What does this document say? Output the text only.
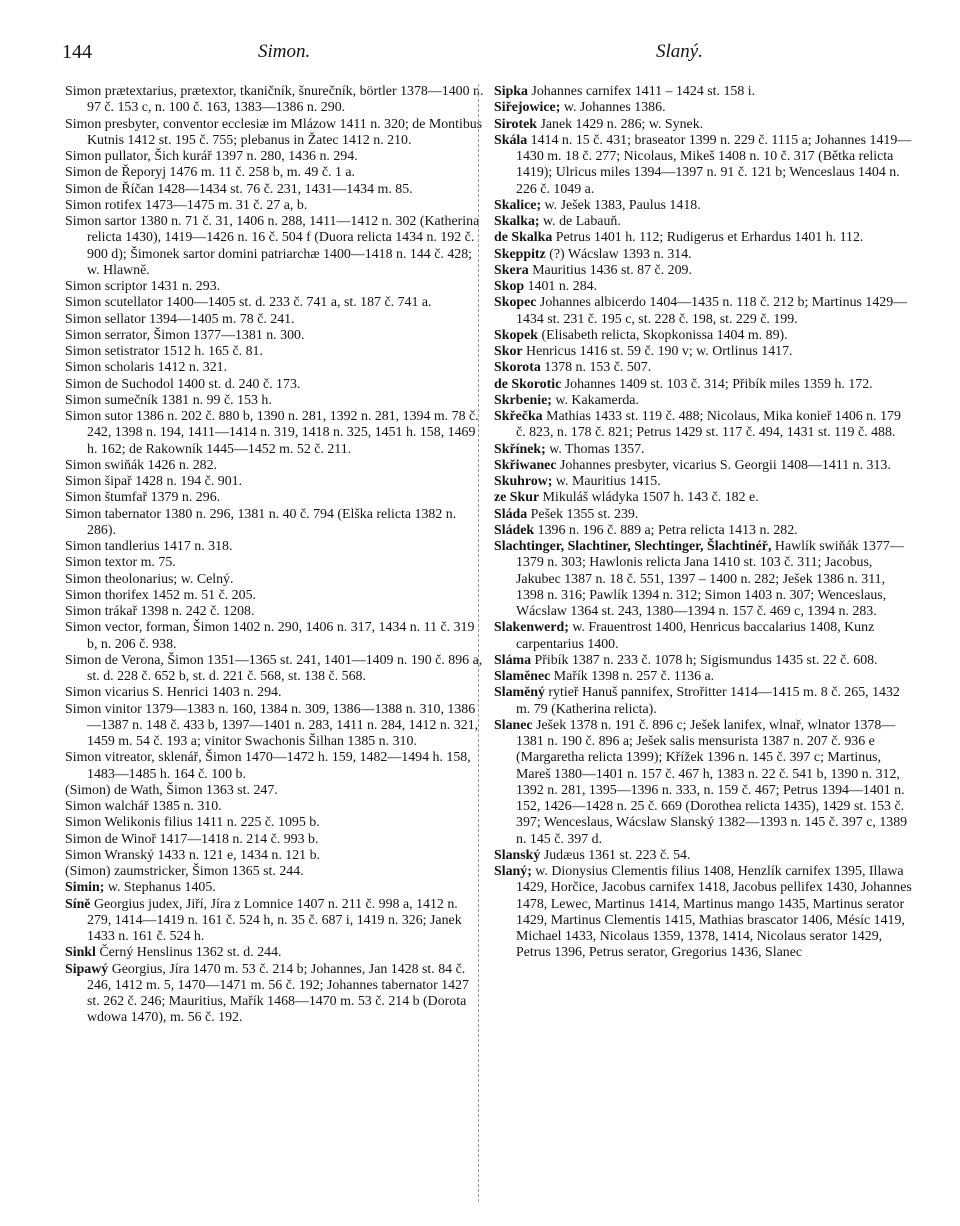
144	Simon.	Slaný.

Simon prætextarius, prætextor, tkaničník, šnurečník, börtler 1378—1400 n. 97 č. 153 c, n. 100 č. 163, 1383—1386 n. 290.

Simon presbyter, conventor ecclesiæ im Mlázow 1411 n. 320; de Montibus Kutnis 1412 st. 195 č. 755; plebanus in Žatec 1412 n. 210.

Simon pullator, Šich kurář 1397 n. 280, 1436 n. 294.

Simon de Řeporyj 1476 m. 11 č. 258 b, m. 49 č. 1 a.

Simon de Říčan 1428—1434 st. 76 č. 231, 1431—1434 m. 85.

Simon rotifex 1473—1475 m. 31 č. 27 a, b.

Simon sartor 1380 n. 71 č. 31, 1406 n. 288, 1411—1412 n. 302 (Katherina relicta 1430), 1419—1426 n. 16 č. 504 f (Duora relicta 1434 n. 192 č. 900 d); Šimonek sartor domini patriarchæ 1400—1418 n. 144 č. 428; w. Hlawně.

Simon scriptor 1431 n. 293.

Simon scutellator 1400—1405 st. d. 233 č. 741 a, st. 187 č. 741 a.

Simon sellator 1394—1405 m. 78 č. 241.

Simon serrator, Šimon 1377—1381 n. 300.

Simon setistrator 1512 h. 165 č. 81.

Simon scholaris 1412 n. 321.

Simon de Suchodol 1400 st. d. 240 č. 173.

Simon sumečník 1381 n. 99 č. 153 h.

Simon sutor 1386 n. 202 č. 880 b, 1390 n. 281, 1392 n. 281, 1394 m. 78 č. 242, 1398 n. 194, 1411—1414 n. 319, 1418 n. 325, 1451 h. 158, 1469 h. 162; de Rakowník 1445—1452 m. 52 č. 211.

Simon swiňák 1426 n. 282.

Simon šipař 1428 n. 194 č. 901.

Simon štumfař 1379 n. 296.

Simon tabernator 1380 n. 296, 1381 n. 40 č. 794 (Elška relicta 1382 n. 286).

Simon tandlerius 1417 n. 318.

Simon textor m. 75.

Simon theolonarius; w. Celný.

Simon thorifex 1452 m. 51 č. 205.

Simon trákař 1398 n. 242 č. 1208.

Simon vector, forman, Šimon 1402 n. 290, 1406 n. 317, 1434 n. 11 č. 319 b, n. 206 č. 938.

Simon de Verona, Šimon 1351—1365 st. 241, 1401—1409 n. 190 č. 896 a, st. d. 228 č. 652 b, st. d. 221 č. 568, st. 138 č. 568.

Simon vicarius S. Henrici 1403 n. 294.

Simon vinitor 1379—1383 n. 160, 1384 n. 309, 1386—1388 n. 310, 1386—1387 n. 148 č. 433 b, 1397—1401 n. 283, 1411 n. 284, 1412 n. 321, 1459 m. 54 č. 193 a; vinitor Swachonis Šilhan 1385 n. 310.

Simon vitreator, sklenář, Šimon 1470—1472 h. 159, 1482—1494 h. 158, 1483—1485 h. 164 č. 100 b.

(Simon) de Wath, Šimon 1363 st. 247.

Simon walchář 1385 n. 310.

Simon Welikonis filius 1411 n. 225 č. 1095 b.

Simon de Winoř 1417—1418 n. 214 č. 993 b.

Simon Wranský 1433 n. 121 e, 1434 n. 121 b.

(Simon) zaumstricker, Šimon 1365 st. 244.

Simin; w. Stephanus 1405.

Síně Georgius judex, Jiří, Jíra z Lomnice 1407 n. 211 č. 998 a, 1412 n. 279, 1414—1419 n. 161 č. 524 h, n. 35 č. 687 i, 1419 n. 326; Janek 1433 n. 161 č. 524 h.

Sinkl Černý Henslinus 1362 st. d. 244.

Sipawý Georgius, Jíra 1470 m. 53 č. 214 b; Johannes, Jan 1428 st. 84 č. 246, 1412 m. 5, 1470—1471 m. 56 č. 192; Johannes tabernator 1427 st. 262 č. 246; Mauritius, Mařík 1468—1470 m. 53 č. 214 b (Dorota wdowa 1470), m. 56 č. 192.

Sipka Johannes carnifex 1411 – 1424 st. 158 i.

Siřejowice; w. Johannes 1386.

Sirotek Janek 1429 n. 286; w. Synek.

Skála 1414 n. 15 č. 431; braseator 1399 n. 229 č. 1115 a; Johannes 1419—1430 m. 18 č. 277; Nicolaus, Mikeš 1408 n. 10 č. 317 (Bětka relicta 1419); Ulricus miles 1394—1397 n. 91 č. 121 b; Wenceslaus 1404 n. 226 č. 1049 a.

Skalice; w. Ješek 1383, Paulus 1418.

Skalka; w. de Labauň.

de Skalka Petrus 1401 h. 112; Rudigerus et Erhardus 1401 h. 112.

Skeppitz (?) Wácslaw 1393 n. 314.

Skera Mauritius 1436 st. 87 č. 209.

Skop 1401 n. 284.

Skopec Johannes albicerdo 1404—1435 n. 118 č. 212 b; Martinus 1429—1434 st. 231 č. 195 c, st. 228 č. 198, st. 229 č. 199.

Skopek (Elisabeth relicta, Skopkonissa 1404 m. 89).

Skor Henricus 1416 st. 59 č. 190 v; w. Ortlinus 1417.

Skorota 1378 n. 153 č. 507.

de Skorotic Johannes 1409 st. 103 č. 314; Přibík miles 1359 h. 172.

Skrbenie; w. Kakamerda.

Skřečka Mathias 1433 st. 119 č. 488; Nicolaus, Mika konieř 1406 n. 179 č. 823, n. 178 č. 821; Petrus 1429 st. 117 č. 494, 1431 st. 119 č. 488.

Skřínek; w. Thomas 1357.

Skřiwanec Johannes presbyter, vicarius S. Georgii 1408—1411 n. 313.

Skuhrow; w. Mauritius 1415.

ze Skur Mikuláš wládyka 1507 h. 143 č. 182 e.

Sláda Pešek 1355 st. 239.

Sládek 1396 n. 196 č. 889 a; Petra relicta 1413 n. 282.

Slachtinger, Slachtiner, Slechtinger, Šlachtinéř, Hawlík swiňák 1377—1379 n. 303; Hawlonis relicta Jana 1410 st. 103 č. 311; Jacobus, Jakubec 1387 n. 18 č. 551, 1397 – 1400 n. 282; Ješek 1386 n. 311, 1398 n. 316; Pawlík 1394 n. 312; Simon 1403 n. 307; Wenceslaus, Wácslaw 1364 st. 243, 1380—1394 n. 157 č. 469 c, 1394 n. 283.

Slakenwerd; w. Frauentrost 1400, Henricus baccalarius 1408, Kunz carpentarius 1400.

Sláma Přibík 1387 n. 233 č. 1078 h; Sigismundus 1435 st. 22 č. 608.

Slaměnec Mařík 1398 n. 257 č. 1136 a.

Slaměný rytieř Hanuš pannifex, Strořitter 1414—1415 m. 8 č. 265, 1432 m. 79 (Katherina relicta).

Slanec Ješek 1378 n. 191 č. 896 c; Ješek lanifex, wlnař, wlnator 1378—1381 n. 190 č. 896 a; Ješek salis mensurista 1387 n. 207 č. 936 e (Margaretha relicta 1399); Křížek 1396 n. 145 č. 397 c; Martinus, Mareš 1380—1401 n. 157 č. 467 h, 1383 n. 22 č. 541 b, 1390 n. 312, 1392 n. 281, 1395—1396 n. 333, n. 159 č. 467; Petrus 1394—1401 n. 152, 1426—1428 n. 25 č. 669 (Dorothea relicta 1435), 1429 st. 153 č. 397; Wenceslaus, Wácslaw Slanský 1382—1393 n. 145 č. 397 c, 1389 n. 145 č. 397 d.

Slanský Judæus 1361 st. 223 č. 54.

Slaný; w. Dionysius Clementis filius 1408, Henzlík carnifex 1395, Illawa 1429, Horčice, Jacobus carnifex 1418, Jacobus pellifex 1430, Johannes 1478, Lewec, Martinus 1414, Martinus mango 1435, Martinus serator 1429, Martinus Clementis 1415, Mathias brascator 1406, Mésíc 1419, Michael 1433, Nicolaus 1359, 1378, 1414, Nicolaus serator 1429, Petrus 1396, Petrus serator, Gregorius 1436, Slanec
